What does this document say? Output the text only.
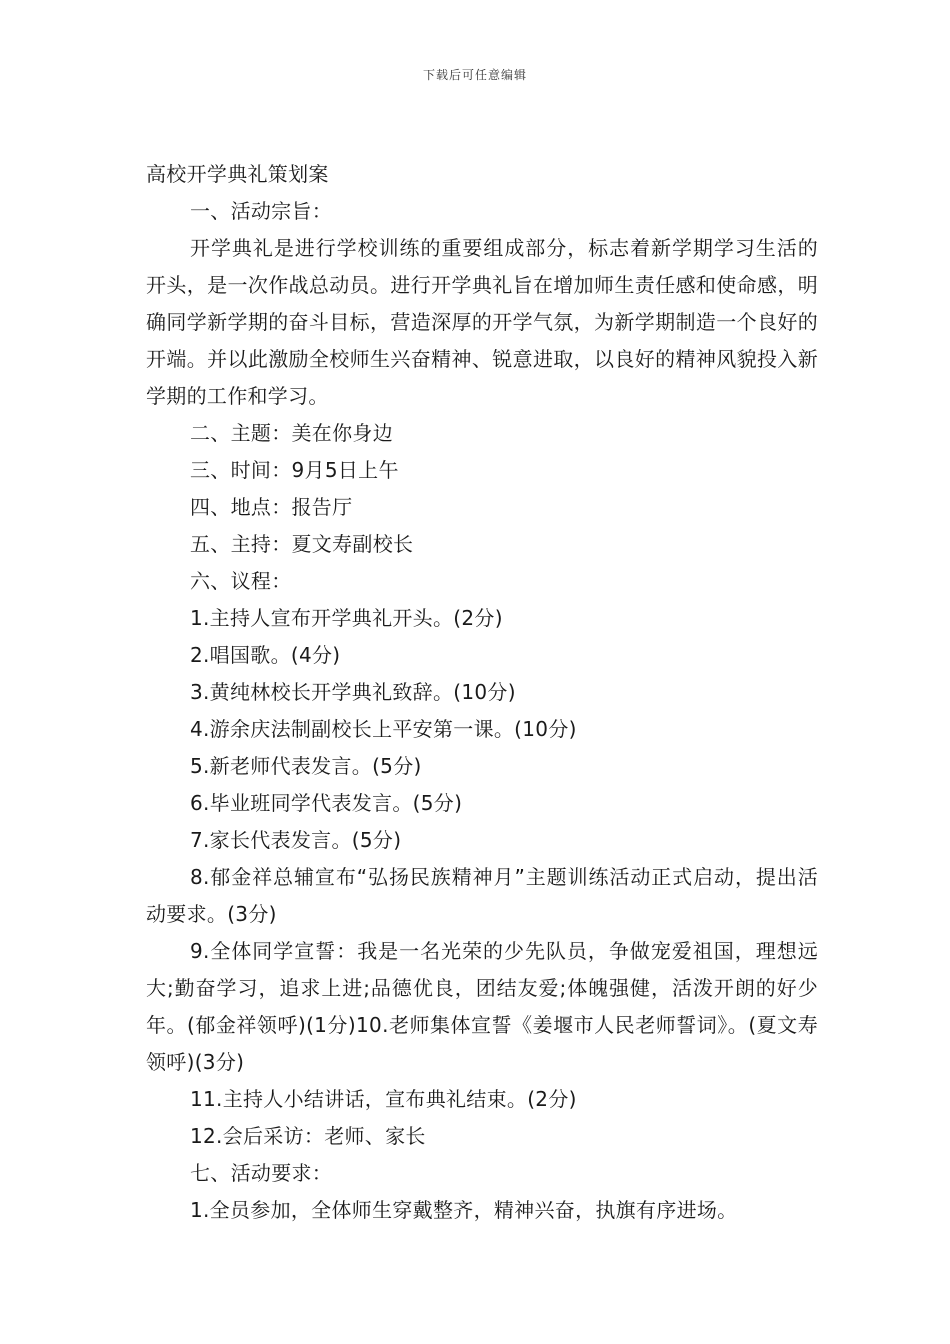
下载后可任意编辑

高校开学典礼策划案

一、活动宗旨：

开学典礼是进行学校训练的重要组成部分，标志着新学期学习生活的开头，是一次作战总动员。进行开学典礼旨在增加师生责任感和使命感，明确同学新学期的奋斗目标，营造深厚的开学气氛，为新学期制造一个良好的开端。并以此激励全校师生兴奋精神、锐意进取，以良好的精神风貌投入新学期的工作和学习。

二、主题：美在你身边

三、时间：9月5日上午

四、地点：报告厅

五、主持：夏文寿副校长

六、议程：

1.主持人宣布开学典礼开头。(2分)

2.唱国歌。(4分)

3.黄纯林校长开学典礼致辞。(10分)

4.游余庆法制副校长上平安第一课。(10分)

5.新老师代表发言。(5分)

6.毕业班同学代表发言。(5分)

7.家长代表发言。(5分)

8.郁金祥总辅宣布“弘扬民族精神月”主题训练活动正式启动，提出活动要求。(3分)

9.全体同学宣誓：我是一名光荣的少先队员，争做宠爱祖国，理想远大;勤奋学习，追求上进;品德优良，团结友爱;体魄强健，活泼开朗的好少年。(郁金祥领呼)(1分)10.老师集体宣誓《姜堰市人民老师誓词》。(夏文寿领呼)(3分)

11.主持人小结讲话，宣布典礼结束。(2分)

12.会后采访：老师、家长

七、活动要求：

1.全员参加，全体师生穿戴整齐，精神兴奋，执旗有序进场。
